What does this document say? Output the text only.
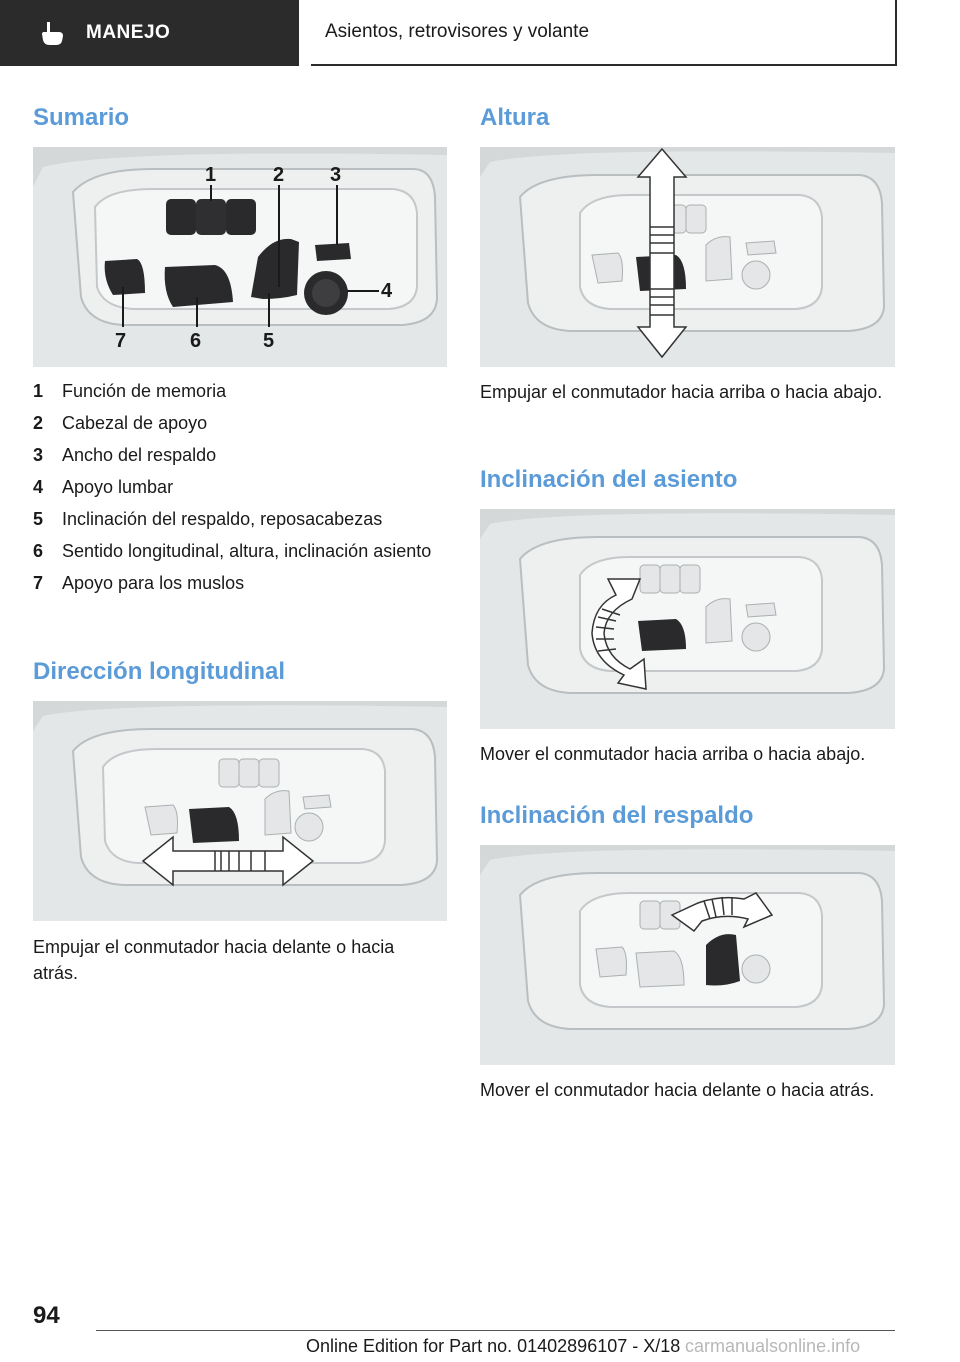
MANEJO	Asientos, retrovisores y volante
Sumario
1	2 3
4
5
6
7
1 Función de memoria
2 Cabezal de apoyo
3 Ancho del respaldo
4 Apoyo lumbar
5 Inclinación del respaldo, reposacabezas
6 Sentido longitudinal, altura, inclinación asiento
7 Apoyo para los muslos
Dirección longitudinal
Empujar el conmutador hacia delante o hacia atrás.
Altura
Empujar el conmutador hacia arriba o hacia abajo.
Inclinación del asiento
Mover el conmutador hacia arriba o hacia abajo.
Inclinación del respaldo
Mover el conmutador hacia delante o hacia atrás.
94
Online Edition for Part no. 01402896107 - X/18 carmanualsonline.info
